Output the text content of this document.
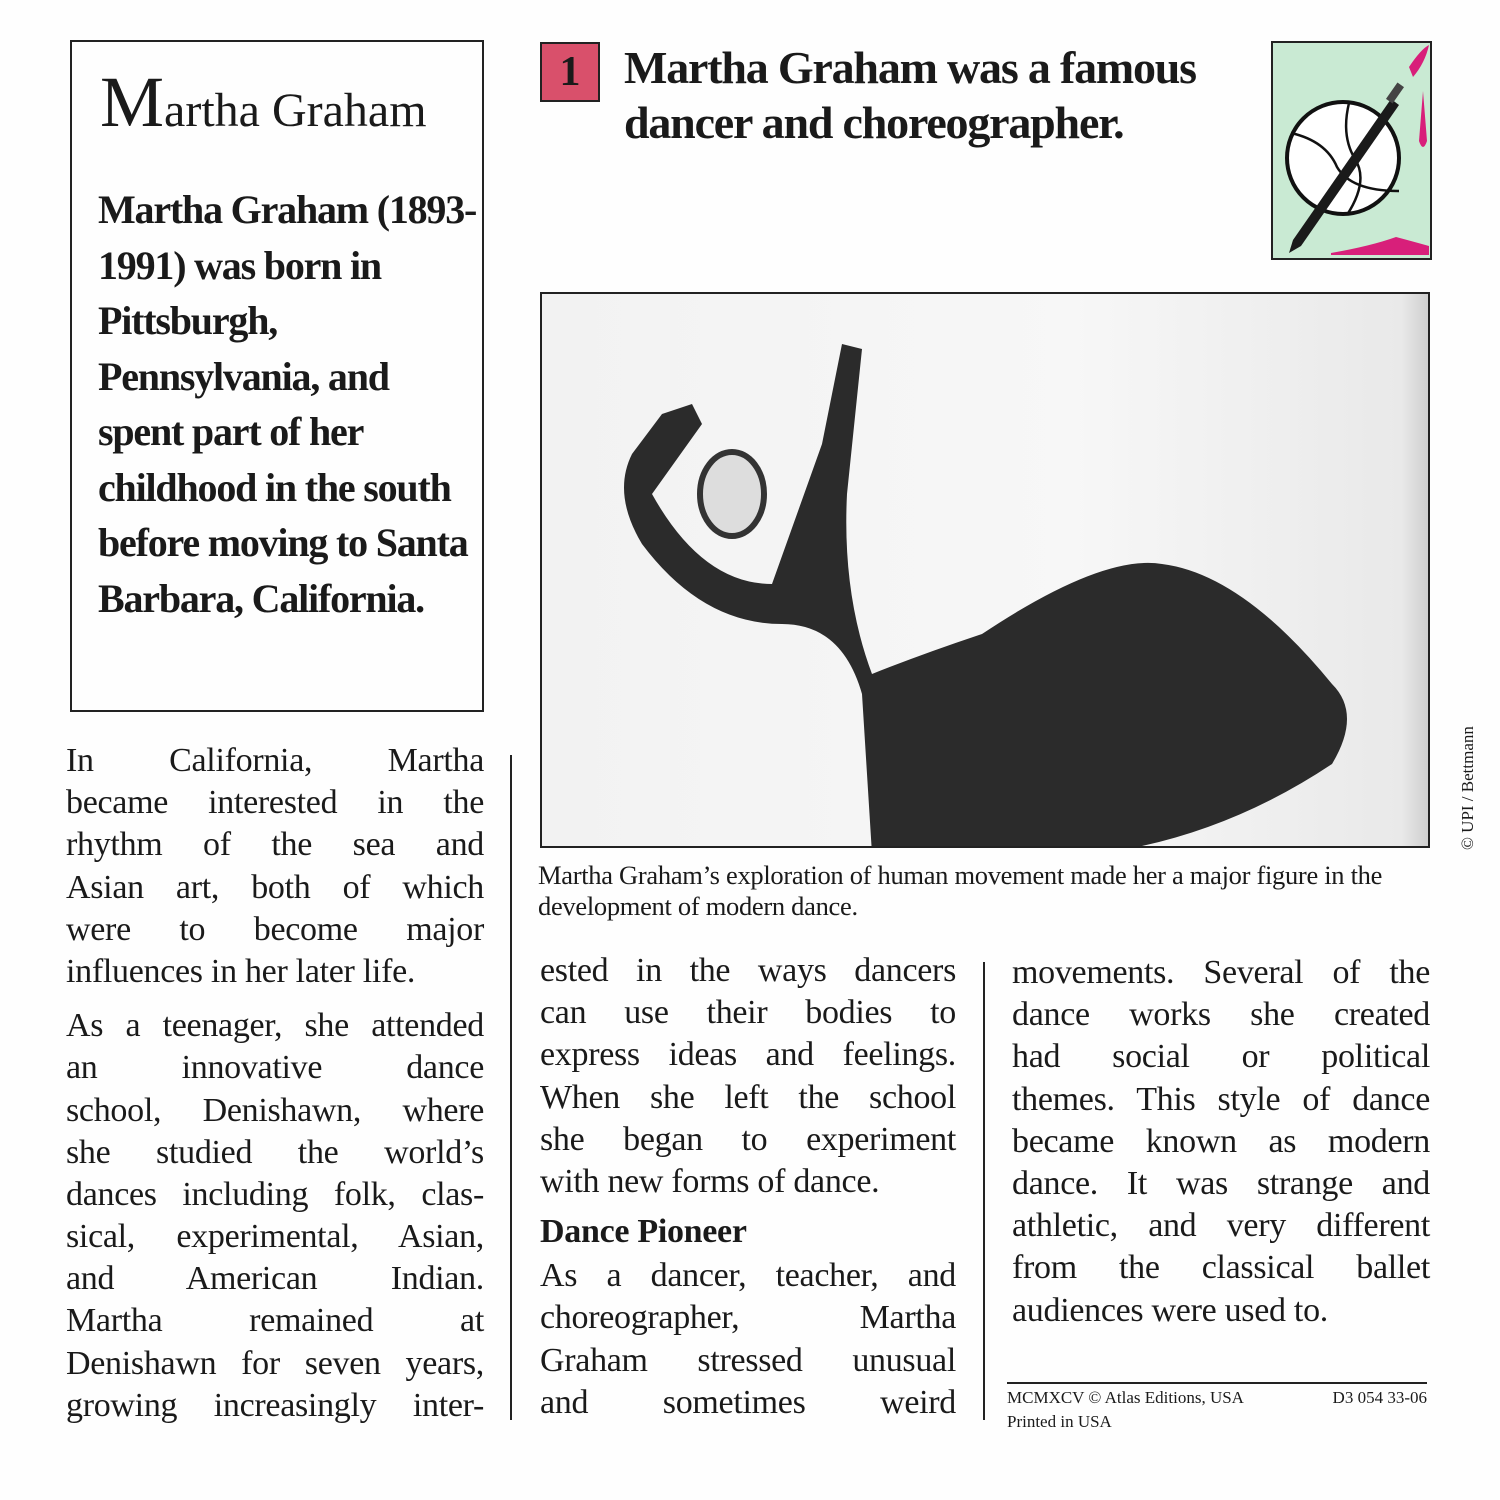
Martha Graham
Martha Graham (1893-1991) was born in Pittsburgh, Pennsylvania, and spent part of her childhood in the south before moving to Santa Barbara, California.
1 Martha Graham was a famous
dancer and choreographer.
© UPI / Bettmann
Martha Graham’s exploration of human movement made her a major figure in the development of modern dance.
In California, Martha
became interested in the
rhythm of the sea and
Asian art, both of which
were to become major
influences in her later life.
As a teenager, she attended
an innovative dance
school, Denishawn, where
she studied the world’s
dances including folk, clas-
sical, experimental, Asian,
and American Indian.
Martha remained at
Denishawn for seven years,
growing increasingly inter-
ested in the ways dancers
can use their bodies to
express ideas and feelings.
When she left the school
she began to experiment
with new forms of dance.
Dance Pioneer
As a dancer, teacher, and
choreographer, Martha
Graham stressed unusual
and sometimes weird
movements. Several of the
dance works she created
had social or political
themes. This style of dance
became known as modern
dance. It was strange and
athletic, and very different
from the classical ballet
audiences were used to.
MCMXCV © Atlas Editions, USA
Printed in USA
D3 054 33-06
